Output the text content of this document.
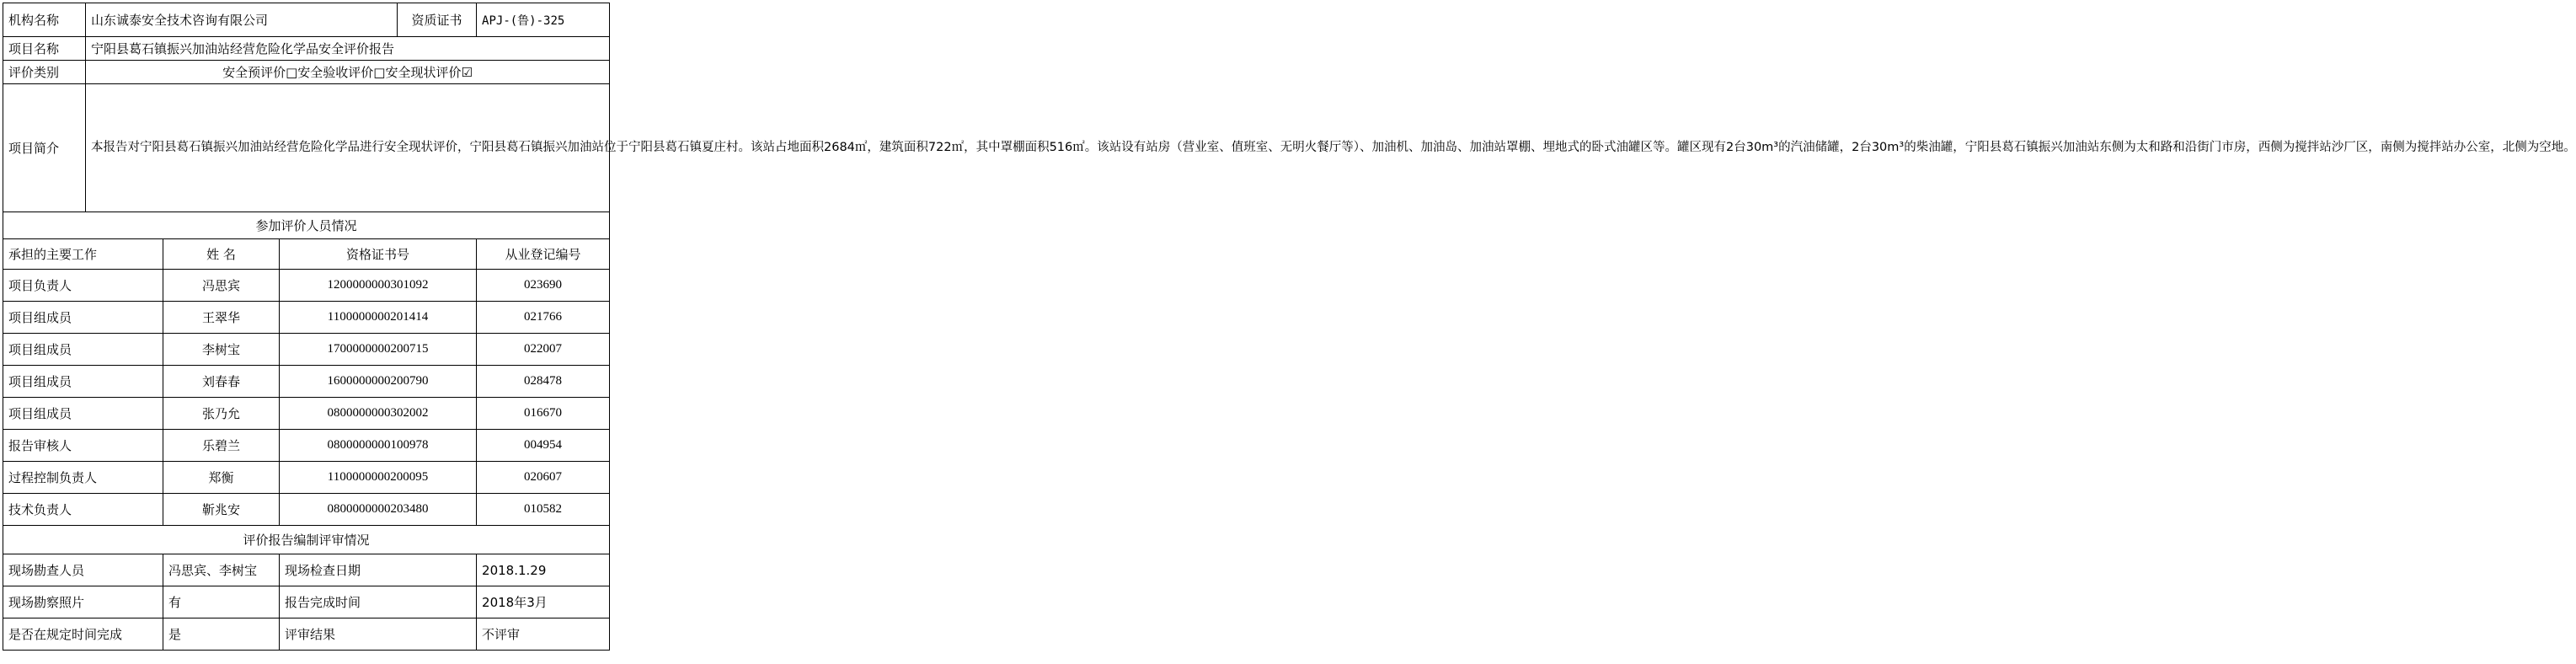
机构名称	山东诚泰安全技术咨询有限公司			资质证书	APJ-(鲁)-325
项目名称	宁阳县葛石镇振兴加油站经营危险化学品安全评价报告				
评价类别	安全预评价□安全验收评价□安全现状评价☑				
项目简介	本报告对宁阳县葛石镇振兴加油站经营危险化学品进行安全现状评价，宁阳县葛石镇振兴加油站位于宁阳县葛石镇夏庄村。该站占地面积2684㎡，建筑面积722㎡，其中罩棚面积516㎡。该站设有站房（营业室、值班室、无明火餐厅等）、加油机、加油岛、加油站罩棚、埋地式的卧式油罐区等。罐区现有2台30m³的汽油储罐，2台30m³的柴油罐，宁阳县葛石镇振兴加油站东侧为太和路和沿街门市房，西侧为搅拌站沙厂区，南侧为搅拌站办公室，北侧为空地。				
参加评价人员情况					
承担的主要工作		姓 名	资格证书号		从业登记编号
项目负责人		冯思宾	1200000000301092		023690
项目组成员		王翠华	1100000000201414		021766
项目组成员		李树宝	1700000000200715		022007
项目组成员		刘春春	1600000000200790		028478
项目组成员		张乃允	0800000000302002		016670
报告审核人		乐碧兰	0800000000100978		004954
过程控制负责人		郑衡	1100000000200095		020607
技术负责人		靳兆安	0800000000203480		010582
评价报告编制评审情况					
现场勘查人员		冯思宾、李树宝	现场检查日期		2018.1.29
现场勘察照片		有	报告完成时间		2018年3月
是否在规定时间完成		是	评审结果		不评审
